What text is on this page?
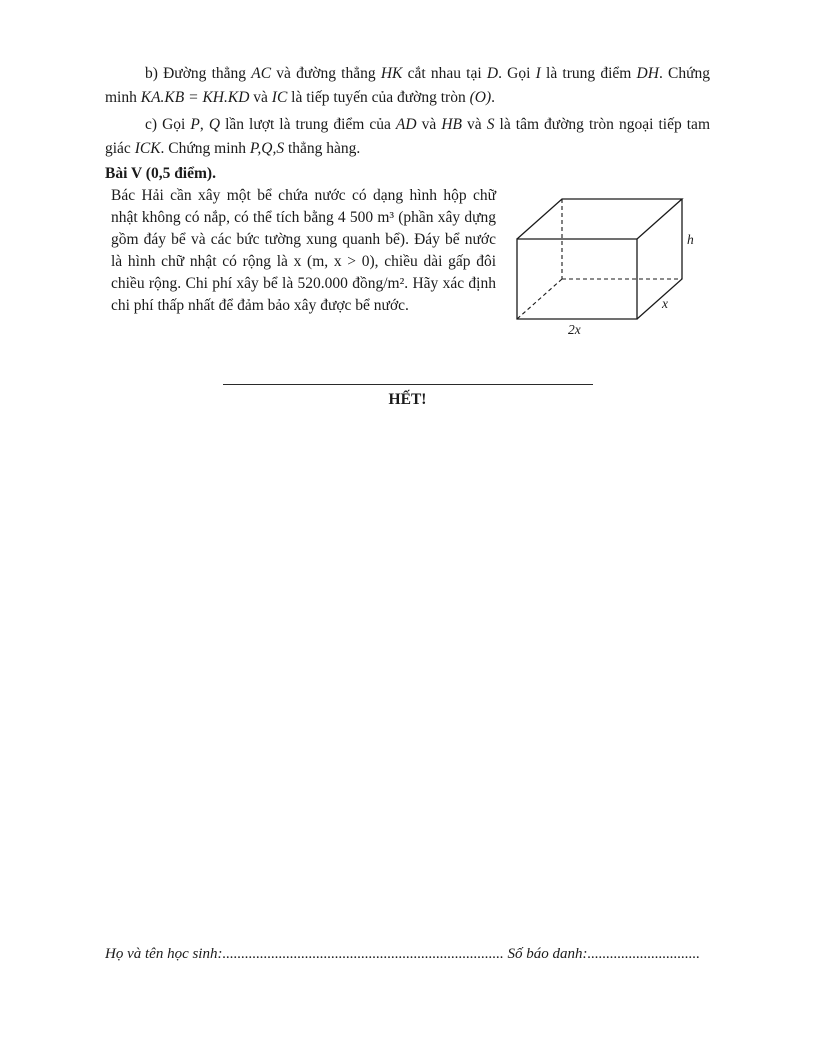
b) Đường thẳng AC và đường thẳng HK cắt nhau tại D. Gọi I là trung điểm DH. Chứng minh KA.KB = KH.KD và IC là tiếp tuyến của đường tròn (O).

c) Gọi P, Q lần lượt là trung điểm của AD và HB và S là tâm đường tròn ngoại tiếp tam giác ICK. Chứng minh P,Q,S thẳng hàng.

Bài V (0,5 điểm).

h
x
2x

Bác Hải cần xây một bể chứa nước có dạng hình hộp chữ nhật không có nắp, có thể tích bằng 4 500 m³ (phần xây dựng gồm đáy bể và các bức tường xung quanh bể). Đáy bể nước là hình chữ nhật có rộng là x (m, x > 0), chiều dài gấp đôi chiều rộng. Chi phí xây bể là 520.000 đồng/m². Hãy xác định chi phí thấp nhất để đảm bảo xây được bể nước.

HẾT!

Họ và tên học sinh:........................................................................... Số báo danh:..............................
